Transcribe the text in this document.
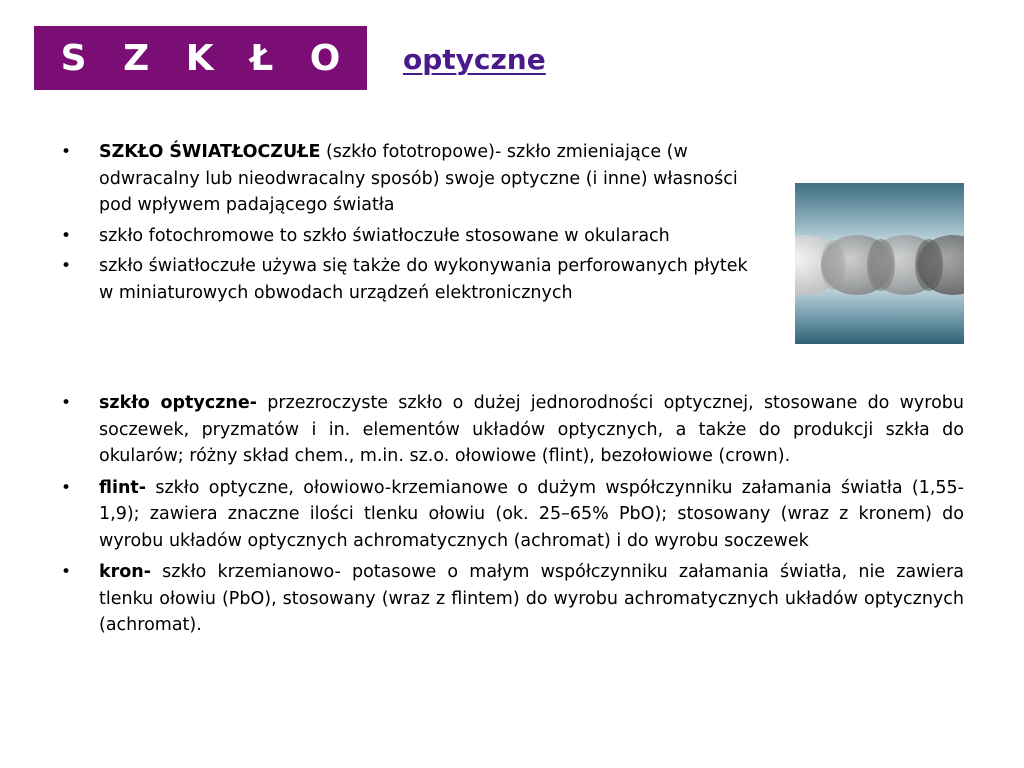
S Z K Ł O optyczne
• SZKŁO ŚWIATŁOCZUŁE (szkło fototropowe)- szkło zmieniające (w odwracalny lub nieodwracalny sposób) swoje optyczne (i inne) własności pod wpływem padającego światła
• szkło fotochromowe to szkło światłoczułe stosowane w okularach
• szkło światłoczułe używa się także do wykonywania perforowanych płytek w miniaturowych obwodach urządzeń elektronicznych
• szkło optyczne- przezroczyste szkło o dużej jednorodności optycznej, stosowane do wyrobu soczewek, pryzmatów i in. elementów układów optycznych, a także do produkcji szkła do okularów; różny skład chem., m.in. sz.o. ołowiowe (flint), bezołowiowe (crown).
• flint- szkło optyczne, ołowiowo-krzemianowe o dużym współczynniku załamania światła (1,55-1,9); zawiera znaczne ilości tlenku ołowiu (ok. 25–65% PbO); stosowany (wraz z kronem) do wyrobu układów optycznych achromatycznych (achromat) i do wyrobu soczewek
• kron- szkło krzemianowo- potasowe o małym współczynniku załamania światła, nie zawiera tlenku ołowiu (PbO), stosowany (wraz z flintem) do wyrobu achromatycznych układów optycznych (achromat).
